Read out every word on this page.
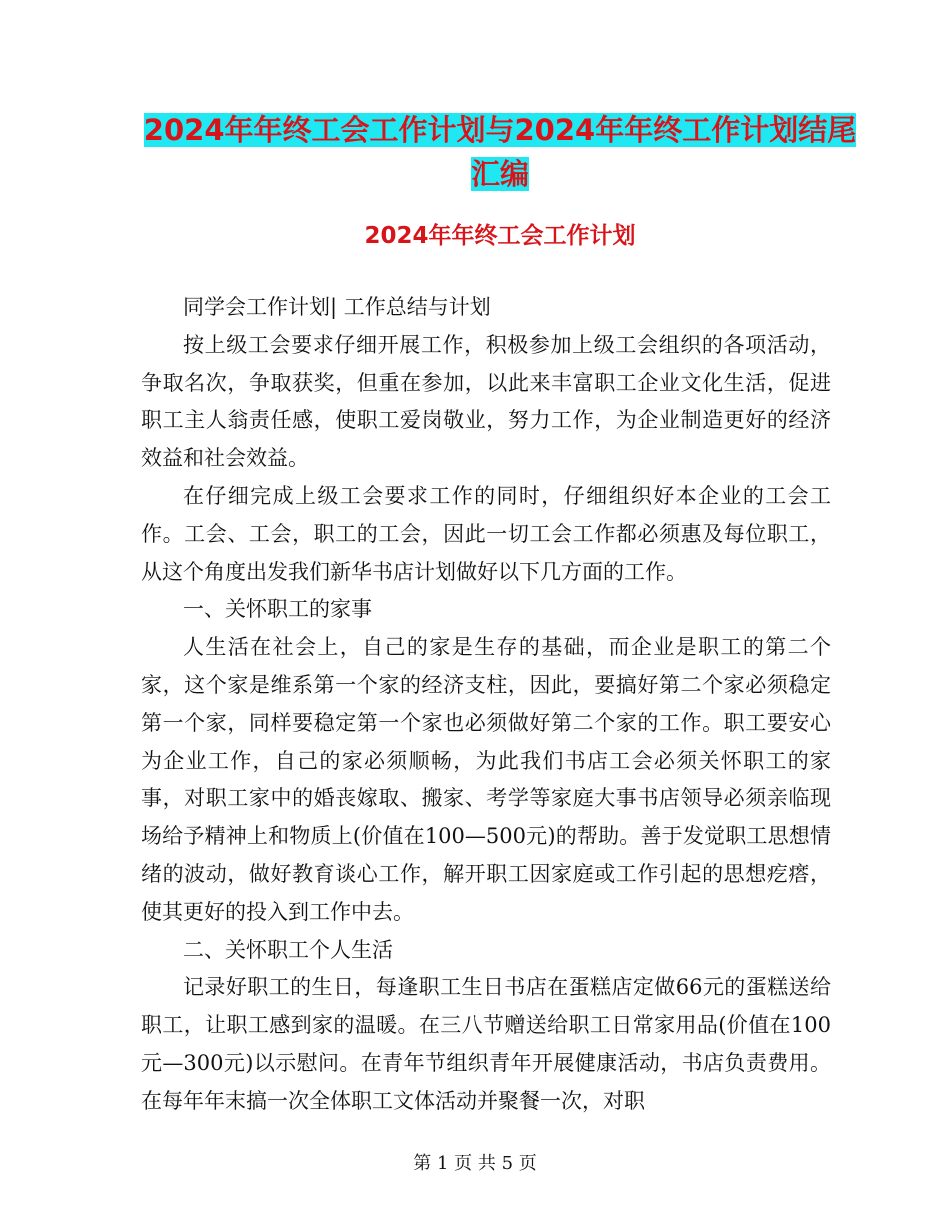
2024年年终工会工作计划与2024年年终工作计划结尾
汇编
2024年年终工会工作计划

同学会工作计划| 工作总结与计划

按上级工会要求仔细开展工作，积极参加上级工会组织的各项活动，争取名次，争取获奖，但重在参加，以此来丰富职工企业文化生活，促进职工主人翁责任感，使职工爱岗敬业，努力工作，为企业制造更好的经济效益和社会效益。

在仔细完成上级工会要求工作的同时，仔细组织好本企业的工会工作。工会、工会，职工的工会，因此一切工会工作都必须惠及每位职工，从这个角度出发我们新华书店计划做好以下几方面的工作。

一、关怀职工的家事

人生活在社会上，自己的家是生存的基础，而企业是职工的第二个家，这个家是维系第一个家的经济支柱，因此，要搞好第二个家必须稳定第一个家，同样要稳定第一个家也必须做好第二个家的工作。职工要安心为企业工作，自己的家必须顺畅，为此我们书店工会必须关怀职工的家事，对职工家中的婚丧嫁取、搬家、考学等家庭大事书店领导必须亲临现场给予精神上和物质上(价值在100—500元)的帮助。善于发觉职工思想情绪的波动，做好教育谈心工作，解开职工因家庭或工作引起的思想疙瘩，使其更好的投入到工作中去。

二、关怀职工个人生活

记录好职工的生日，每逢职工生日书店在蛋糕店定做66元的蛋糕送给职工，让职工感到家的温暖。在三八节赠送给职工日常家用品(价值在100元—300元)以示慰问。在青年节组织青年开展健康活动，书店负责费用。在每年年末搞一次全体职工文体活动并聚餐一次，对职

第 1 页 共 5 页
